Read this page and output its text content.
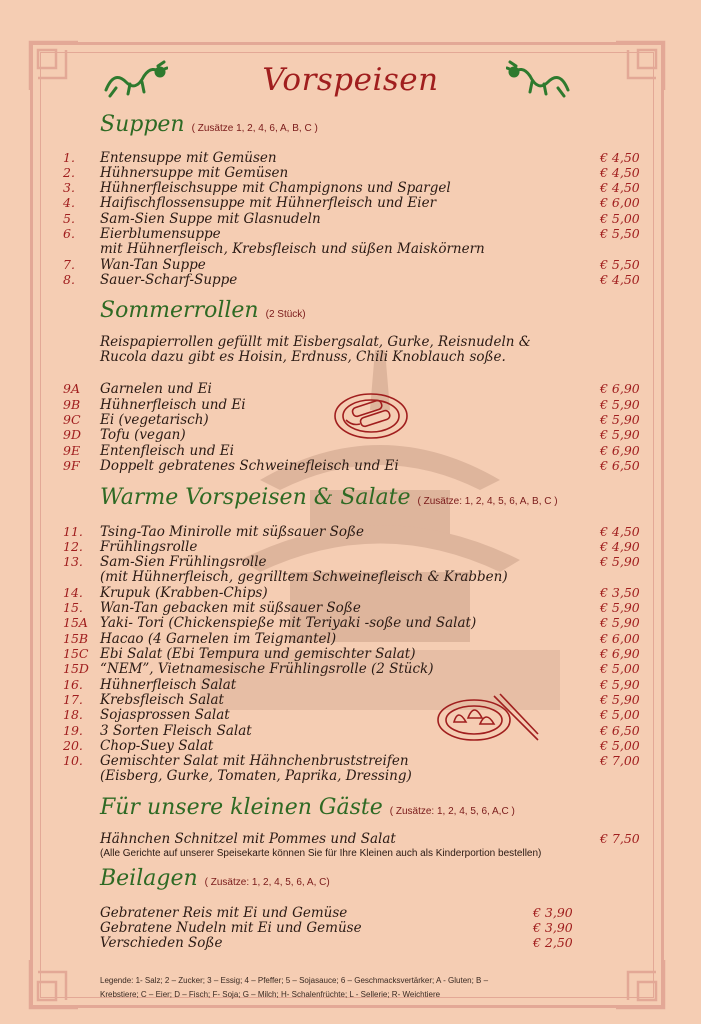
Vorspeisen
Suppen ( Zusätze 1, 2, 4, 6, A, B, C )
1. Entensuppe mit Gemüsen	€ 4,50
2. Hühnersuppe mit Gemüsen	€ 4,50
3. Hühnerfleischsuppe mit Champignons und Spargel	€ 4,50
4. Haifischflossensuppe mit Hühnerfleisch und Eier	€ 6,00
5. Sam-Sien Suppe mit Glasnudeln	€ 5,00
6. Eierblumensuppe	€ 5,50
mit Hühnerfleisch, Krebsfleisch und süßen Maiskörnern
7. Wan-Tan Suppe	€ 5,50
8. Sauer-Scharf-Suppe	€ 4,50
Sommerrollen (2 Stück)
Reispapierrollen gefüllt mit Eisbergsalat, Gurke, Reisnudeln &
Rucola dazu gibt es Hoisin, Erdnuss, Chili Knoblauch soße.
9A Garnelen und Ei	€ 6,90
9B Hühnerfleisch und Ei	€ 5,90
9C Ei (vegetarisch)	€ 5,90
9D Tofu (vegan)	€ 5,90
9E Entenfleisch und Ei	€ 6,90
9F Doppelt gebratenes Schweinefleisch und Ei	€ 6,50
Warme Vorspeisen & Salate ( Zusätze: 1, 2, 4, 5, 6, A, B, C )
11. Tsing-Tao Minirolle mit süßsauer Soße	€ 4,50
12. Frühlingsrolle	€ 4,90
13. Sam-Sien Frühlingsrolle	€ 5,90
(mit Hühnerfleisch, gegrilltem Schweinefleisch & Krabben)
14. Krupuk (Krabben-Chips)	€ 3,50
15. Wan-Tan gebacken mit süßsauer Soße	€ 5,90
15A Yaki- Tori (Chickenspieße mit Teriyaki -soße und Salat)	€ 5,90
15B Hacao (4 Garnelen im Teigmantel)	€ 6,00
15C Ebi Salat (Ebi Tempura und gemischter Salat)	€ 6,90
15D “NEM”, Vietnamesische Frühlingsrolle (2 Stück)	€ 5,00
16. Hühnerfleisch Salat	€ 5,90
17. Krebsfleisch Salat	€ 5,90
18. Sojasprossen Salat	€ 5,00
19. 3 Sorten Fleisch Salat	€ 6,50
20. Chop-Suey Salat	€ 5,00
10. Gemischter Salat mit Hähnchenbruststreifen	€ 7,00
(Eisberg, Gurke, Tomaten, Paprika, Dressing)
Für unsere kleinen Gäste ( Zusätze: 1, 2, 4, 5, 6, A,C )
Hähnchen Schnitzel mit Pommes und Salat	€ 7,50
(Alle Gerichte auf unserer Speisekarte können Sie für Ihre Kleinen auch als Kinderportion bestellen)
Beilagen ( Zusätze: 1, 2, 4, 5, 6, A, C)
Gebratener Reis mit Ei und Gemüse	€ 3,90
Gebratene Nudeln mit Ei und Gemüse	€ 3,90
Verschieden Soße	€ 2,50
Legende: 1- Salz; 2 – Zucker; 3 – Essig; 4 – Pfeffer; 5 – Sojasauce; 6 – Geschmacksvertärker; A - Gluten; B –
Krebstiere; C – Eier; D – Fisch; F- Soja; G – Milch; H- Schalenfrüchte; L - Sellerie; R- Weichtiere
